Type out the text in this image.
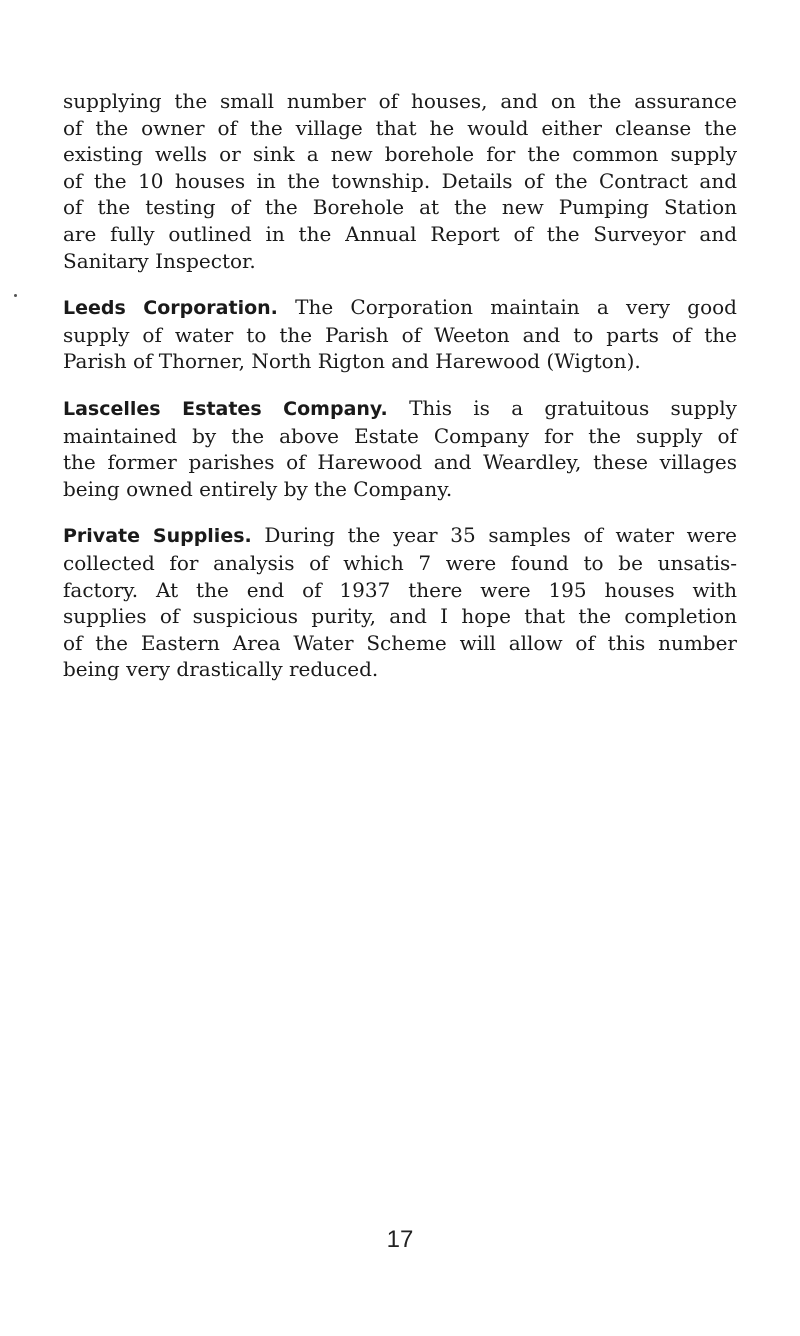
supplying the small number of houses, and on the assurance
of the owner of the village that he would either cleanse the
existing wells or sink a new borehole for the common supply
of the 10 houses in the township. Details of the Contract and
of the testing of the Borehole at the new Pumping Station
are fully outlined in the Annual Report of the Surveyor and
Sanitary Inspector.

Leeds Corporation. The Corporation maintain a very good
supply of water to the Parish of Weeton and to parts of the
Parish of Thorner, North Rigton and Harewood (Wigton).

Lascelles Estates Company. This is a gratuitous supply
maintained by the above Estate Company for the supply of
the former parishes of Harewood and Weardley, these villages
being owned entirely by the Company.

Private Supplies. During the year 35 samples of water were
collected for analysis of which 7 were found to be unsatis-
factory. At the end of 1937 there were 195 houses with
supplies of suspicious purity, and I hope that the completion
of the Eastern Area Water Scheme will allow of this number
being very drastically reduced.

17
